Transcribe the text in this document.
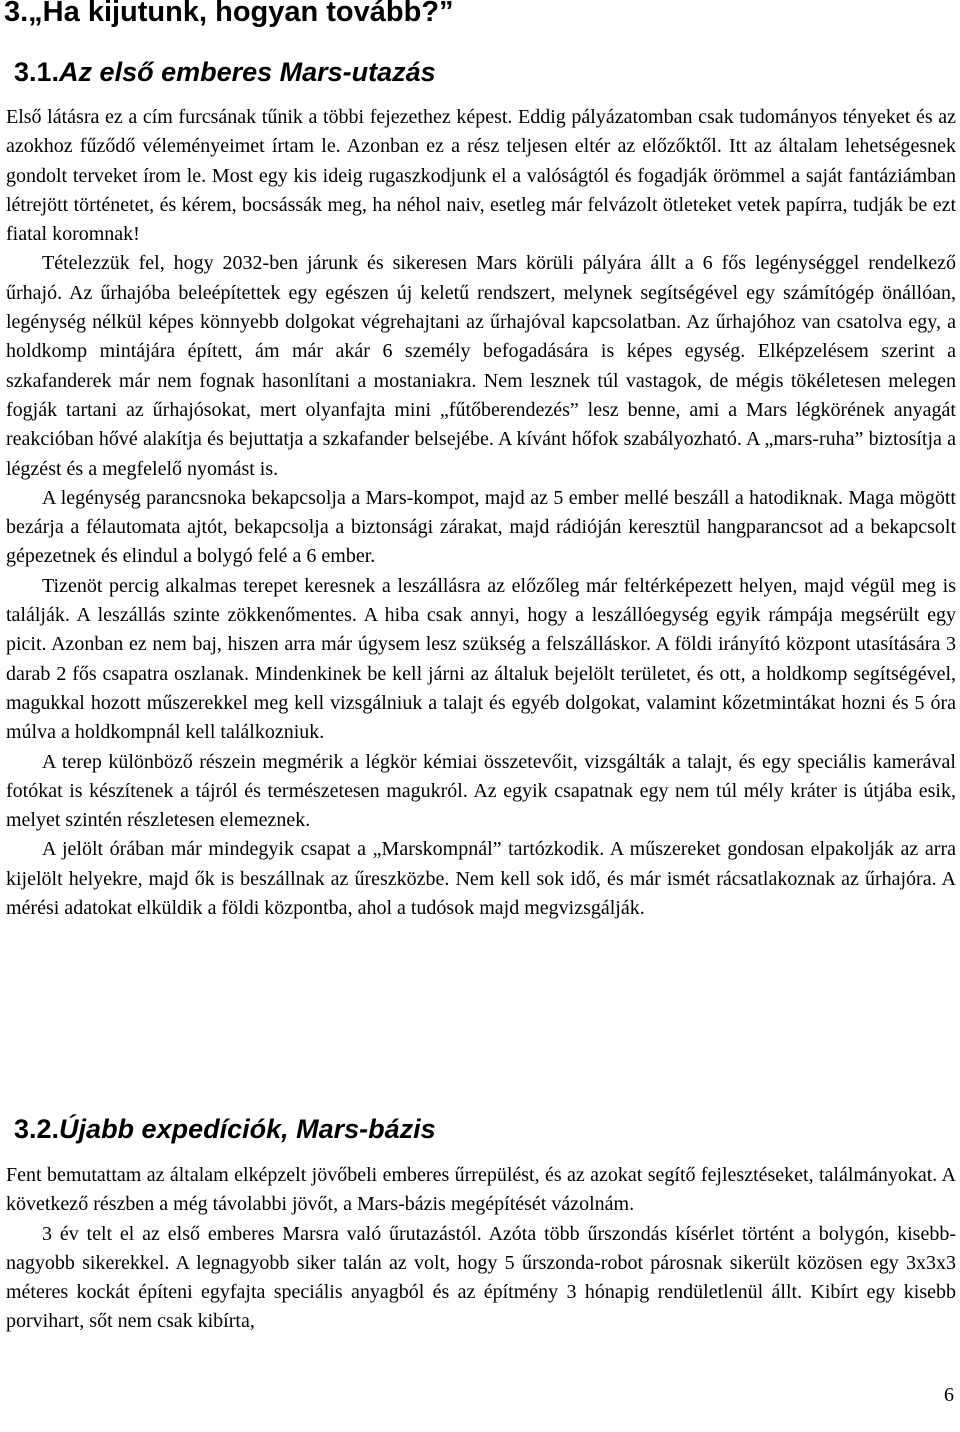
3.„Ha kijutunk, hogyan tovább?”
3.1.Az első emberes Mars-utazás

Első látásra ez a cím furcsának tűnik a többi fejezethez képest. Eddig pályázatomban csak tudományos tényeket és az azokhoz fűződő véleményeimet írtam le. Azonban ez a rész teljesen eltér az előzőktől. Itt az általam lehetségesnek gondolt terveket írom le. Most egy kis ideig rugaszkodjunk el a valóságtól és fogadják örömmel a saját fantáziámban létrejött történetet, és kérem, bocsássák meg, ha néhol naiv, esetleg már felvázolt ötleteket vetek papírra, tudják be ezt fiatal koromnak!

Tételezzük fel, hogy 2032-ben járunk és sikeresen Mars körüli pályára állt a 6 fős legénységgel rendelkező űrhajó. Az űrhajóba beleépítettek egy egészen új keletű rendszert, melynek segítségével egy számítógép önállóan, legénység nélkül képes könnyebb dolgokat végrehajtani az űrhajóval kapcsolatban. Az űrhajóhoz van csatolva egy, a holdkomp mintájára épített, ám már akár 6 személy befogadására is képes egység. Elképzelésem szerint a szkafanderek már nem fognak hasonlítani a mostaniakra. Nem lesznek túl vastagok, de mégis tökéletesen melegen fogják tartani az űrhajósokat, mert olyanfajta mini „fűtőberendezés” lesz benne, ami a Mars légkörének anyagát reakcióban hővé alakítja és bejuttatja a szkafander belsejébe. A kívánt hőfok szabályozható. A „mars-ruha” biztosítja a légzést és a megfelelő nyomást is.

A legénység parancsnoka bekapcsolja a Mars-kompot, majd az 5 ember mellé beszáll a hatodiknak. Maga mögött bezárja a félautomata ajtót, bekapcsolja a biztonsági zárakat, majd rádióján keresztül hangparancsot ad a bekapcsolt gépezetnek és elindul a bolygó felé a 6 ember.

Tizenöt percig alkalmas terepet keresnek a leszállásra az előzőleg már feltérképezett helyen, majd végül meg is találják. A leszállás szinte zökkenőmentes. A hiba csak annyi, hogy a leszállóegység egyik rámpája megsérült egy picit. Azonban ez nem baj, hiszen arra már úgysem lesz szükség a felszálláskor. A földi irányító központ utasítására 3 darab 2 fős csapatra oszlanak. Mindenkinek be kell járni az általuk bejelölt területet, és ott, a holdkomp segítségével, magukkal hozott műszerekkel meg kell vizsgálniuk a talajt és egyéb dolgokat, valamint kőzetmintákat hozni és 5 óra múlva a holdkompnál kell találkozniuk.

A terep különböző részein megmérik a légkör kémiai összetevőit, vizsgálták a talajt, és egy speciális kamerával fotókat is készítenek a tájról és természetesen magukról. Az egyik csapatnak egy nem túl mély kráter is útjába esik, melyet szintén részletesen elemeznek.

A jelölt órában már mindegyik csapat a „Marskompnál” tartózkodik. A műszereket gondosan elpakolják az arra kijelölt helyekre, majd ők is beszállnak az űreszközbe. Nem kell sok idő, és már ismét rácsatlakoznak az űrhajóra. A mérési adatokat elküldik a földi központba, ahol a tudósok majd megvizsgálják.

3.2.Újabb expedíciók, Mars-bázis

Fent bemutattam az általam elképzelt jövőbeli emberes űrrepülést, és az azokat segítő fejlesztéseket, találmányokat. A következő részben a még távolabbi jövőt, a Mars-bázis megépítését vázolnám.

3 év telt el az első emberes Marsra való űrutazástól. Azóta több űrszondás kísérlet történt a bolygón, kisebb-nagyobb sikerekkel. A legnagyobb siker talán az volt, hogy 5 űrszonda-robot párosnak sikerült közösen egy 3x3x3 méteres kockát építeni egyfajta speciális anyagból és az építmény 3 hónapig rendületlenül állt. Kibírt egy kisebb porvihart, sőt nem csak kibírta,

6
